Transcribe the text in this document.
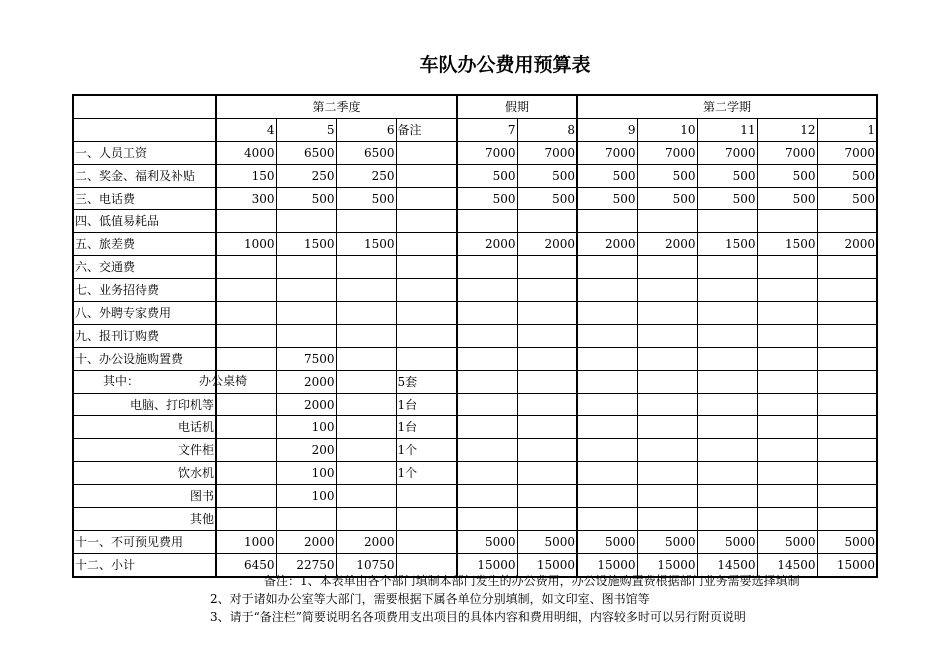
车队办公费用预算表
	第二季度				假期		第二学期				
	4	5	6	备注	7	8	9	10	11	12	1
一、人员工资	4000	6500	6500		7000	7000	7000	7000	7000	7000	7000
二、奖金、福利及补贴	150	250	250		500	500	500	500	500	500	500
三、电话费	300	500	500		500	500	500	500	500	500	500
四、低值易耗品											
五、旅差费	1000	1500	1500		2000	2000	2000	2000	1500	1500	2000
六、交通费											
七、业务招待费											
八、外聘专家费用											
九、报刊订购费											
十、办公设施购置费		7500									

其中： 办公桌椅		2000		5套							
电脑、打印机等		2000		1台							
电话机		100		1台							
文件柜		200		1个							
饮水机		100		1个							
图书		100									
其他											
十一、不可预见费用	1000	2000	2000		5000	5000	5000	5000	5000	5000	5000
十二、小计	6450	22750	10750		15000	15000	15000	15000	14500	14500	15000
备注：1、本表单由各个部门填制本部门发生的办公费用，办公设施购置费根据部门业务需要选择填制
2、对于诸如办公室等大部门，需要根据下属各单位分别填制，如文印室、图书馆等
3、请于“备注栏”简要说明名各项费用支出项目的具体内容和费用明细，内容较多时可以另行附页说明
